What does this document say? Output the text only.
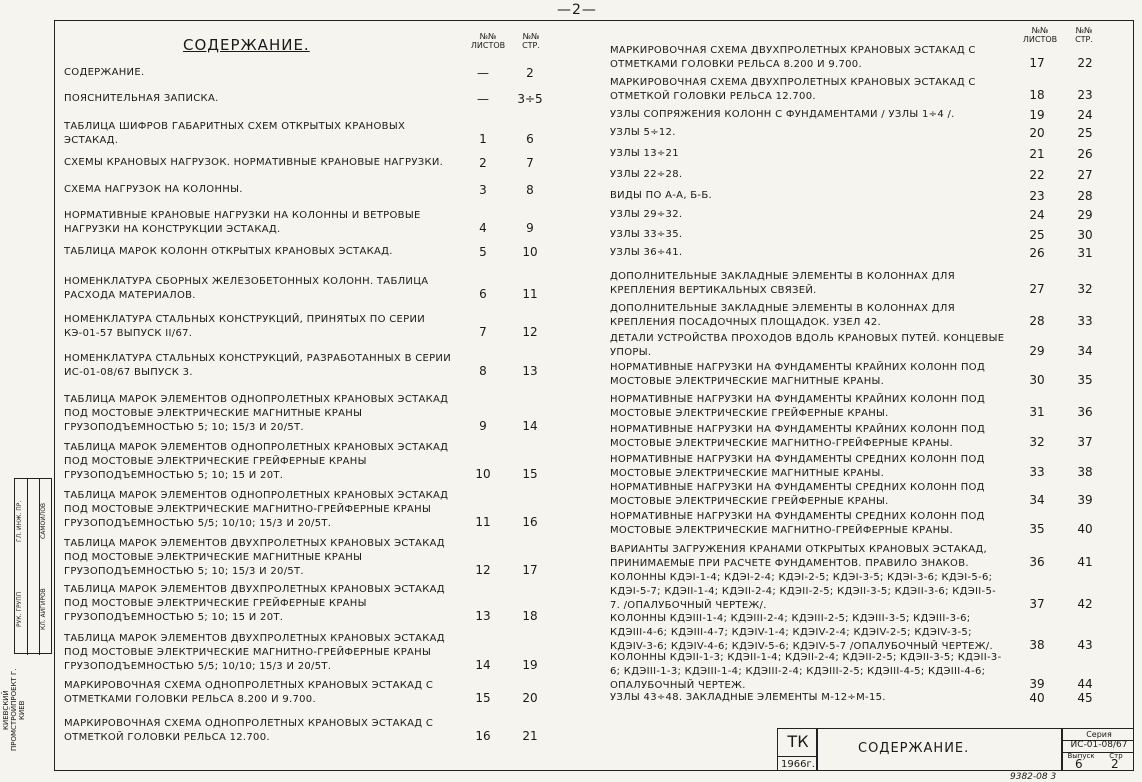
—2—
СОДЕРЖАНИЕ.	№№ ЛИСТОВ
№№ СТР.
№№ ЛИСТОВ
№№ СТР.
СОДЕРЖАНИЕ.	—	2
ПОЯСНИТЕЛЬНАЯ ЗАПИСКА.	—	3÷5
ТАБЛИЦА ШИФРОВ ГАБАРИТНЫХ СХЕМ ОТКРЫТЫХ КРАНОВЫХ ЭСТАКАД.	1	6
СХЕМЫ КРАНОВЫХ НАГРУЗОК. НОРМАТИВНЫЕ КРАНОВЫЕ НАГРУЗКИ.	2	7
СХЕМА НАГРУЗОК НА КОЛОННЫ.	3	8
НОРМАТИВНЫЕ КРАНОВЫЕ НАГРУЗКИ НА КОЛОННЫ И ВЕТРОВЫЕ НАГРУЗКИ НА КОНСТРУКЦИИ ЭСТАКАД.	4	9
ТАБЛИЦА МАРОК КОЛОНН ОТКРЫТЫХ КРАНОВЫХ ЭСТАКАД.	5	10
НОМЕНКЛАТУРА СБОРНЫХ ЖЕЛЕЗОБЕТОННЫХ КОЛОНН. ТАБЛИЦА РАСХОДА МАТЕРИАЛОВ.	6	11
НОМЕНКЛАТУРА СТАЛЬНЫХ КОНСТРУКЦИЙ, ПРИНЯТЫХ ПО СЕРИИ КЭ-01-57 ВЫПУСК II/67.	7	12
НОМЕНКЛАТУРА СТАЛЬНЫХ КОНСТРУКЦИЙ, РАЗРАБОТАННЫХ В СЕРИИ ИС-01-08/67 ВЫПУСК 3.	8	13
ТАБЛИЦА МАРОК ЭЛЕМЕНТОВ ОДНОПРОЛЕТНЫХ КРАНОВЫХ ЭСТАКАД ПОД МОСТОВЫЕ ЭЛЕКТРИЧЕСКИЕ МАГНИТНЫЕ КРАНЫ ГРУЗОПОДЪЕМНОСТЬЮ 5; 10; 15/3 И 20/5Т.	9	14
ТАБЛИЦА МАРОК ЭЛЕМЕНТОВ ОДНОПРОЛЕТНЫХ КРАНОВЫХ ЭСТАКАД ПОД МОСТОВЫЕ ЭЛЕКТРИЧЕСКИЕ ГРЕЙФЕРНЫЕ КРАНЫ ГРУЗОПОДЪЕМНОСТЬЮ 5; 10; 15 И 20Т.	10	15
ТАБЛИЦА МАРОК ЭЛЕМЕНТОВ ОДНОПРОЛЕТНЫХ КРАНОВЫХ ЭСТАКАД ПОД МОСТОВЫЕ ЭЛЕКТРИЧЕСКИЕ МАГНИТНО-ГРЕЙФЕРНЫЕ КРАНЫ ГРУЗОПОДЪЕМНОСТЬЮ 5/5; 10/10; 15/3 И 20/5Т.	11	16
ТАБЛИЦА МАРОК ЭЛЕМЕНТОВ ДВУХПРОЛЕТНЫХ КРАНОВЫХ ЭСТАКАД ПОД МОСТОВЫЕ ЭЛЕКТРИЧЕСКИЕ МАГНИТНЫЕ КРАНЫ ГРУЗОПОДЪЕМНОСТЬЮ 5; 10; 15/3 И 20/5Т.	12	17
ТАБЛИЦА МАРОК ЭЛЕМЕНТОВ ДВУХПРОЛЕТНЫХ КРАНОВЫХ ЭСТАКАД ПОД МОСТОВЫЕ ЭЛЕКТРИЧЕСКИЕ ГРЕЙФЕРНЫЕ КРАНЫ ГРУЗОПОДЪЕМНОСТЬЮ 5; 10; 15 И 20Т.	13	18
ТАБЛИЦА МАРОК ЭЛЕМЕНТОВ ДВУХПРОЛЕТНЫХ КРАНОВЫХ ЭСТАКАД ПОД МОСТОВЫЕ ЭЛЕКТРИЧЕСКИЕ МАГНИТНО-ГРЕЙФЕРНЫЕ КРАНЫ ГРУЗОПОДЪЕМНОСТЬЮ 5/5; 10/10; 15/3 И 20/5Т.	14	19
МАРКИРОВОЧНАЯ СХЕМА ОДНОПРОЛЕТНЫХ КРАНОВЫХ ЭСТАКАД С ОТМЕТКАМИ ГОЛОВКИ РЕЛЬСА 8.200 И 9.700.	15	20
МАРКИРОВОЧНАЯ СХЕМА ОДНОПРОЛЕТНЫХ КРАНОВЫХ ЭСТАКАД С ОТМЕТКОЙ ГОЛОВКИ РЕЛЬСА 12.700.	16	21
МАРКИРОВОЧНАЯ СХЕМА ДВУХПРОЛЕТНЫХ КРАНОВЫХ ЭСТАКАД С ОТМЕТКАМИ ГОЛОВКИ РЕЛЬСА 8.200 И 9.700.	17	22
МАРКИРОВОЧНАЯ СХЕМА ДВУХПРОЛЕТНЫХ КРАНОВЫХ ЭСТАКАД С ОТМЕТКОЙ ГОЛОВКИ РЕЛЬСА 12.700.	18	23
УЗЛЫ СОПРЯЖЕНИЯ КОЛОНН С ФУНДАМЕНТАМИ / УЗЛЫ 1÷4 /.	19	24
УЗЛЫ 5÷12.	20	25
УЗЛЫ 13÷21	21	26
УЗЛЫ 22÷28.	22	27
ВИДЫ ПО А-А, Б-Б.	23	28
УЗЛЫ 29÷32.	24	29
УЗЛЫ 33÷35.	25	30
УЗЛЫ 36÷41.	26	31
ДОПОЛНИТЕЛЬНЫЕ ЗАКЛАДНЫЕ ЭЛЕМЕНТЫ В КОЛОННАХ ДЛЯ КРЕПЛЕНИЯ ВЕРТИКАЛЬНЫХ СВЯЗЕЙ.	27	32
ДОПОЛНИТЕЛЬНЫЕ ЗАКЛАДНЫЕ ЭЛЕМЕНТЫ В КОЛОННАХ ДЛЯ КРЕПЛЕНИЯ ПОСАДОЧНЫХ ПЛОЩАДОК. УЗЕЛ 42.	28	33
ДЕТАЛИ УСТРОЙСТВА ПРОХОДОВ ВДОЛЬ КРАНОВЫХ ПУТЕЙ. КОНЦЕВЫЕ УПОРЫ.	29	34
НОРМАТИВНЫЕ НАГРУЗКИ НА ФУНДАМЕНТЫ КРАЙНИХ КОЛОНН ПОД МОСТОВЫЕ ЭЛЕКТРИЧЕСКИЕ МАГНИТНЫЕ КРАНЫ.	30	35
НОРМАТИВНЫЕ НАГРУЗКИ НА ФУНДАМЕНТЫ КРАЙНИХ КОЛОНН ПОД МОСТОВЫЕ ЭЛЕКТРИЧЕСКИЕ ГРЕЙФЕРНЫЕ КРАНЫ.	31	36
НОРМАТИВНЫЕ НАГРУЗКИ НА ФУНДАМЕНТЫ КРАЙНИХ КОЛОНН ПОД МОСТОВЫЕ ЭЛЕКТРИЧЕСКИЕ МАГНИТНО-ГРЕЙФЕРНЫЕ КРАНЫ.	32	37
НОРМАТИВНЫЕ НАГРУЗКИ НА ФУНДАМЕНТЫ СРЕДНИХ КОЛОНН ПОД МОСТОВЫЕ ЭЛЕКТРИЧЕСКИЕ МАГНИТНЫЕ КРАНЫ.	33	38
НОРМАТИВНЫЕ НАГРУЗКИ НА ФУНДАМЕНТЫ СРЕДНИХ КОЛОНН ПОД МОСТОВЫЕ ЭЛЕКТРИЧЕСКИЕ ГРЕЙФЕРНЫЕ КРАНЫ.	34	39
НОРМАТИВНЫЕ НАГРУЗКИ НА ФУНДАМЕНТЫ СРЕДНИХ КОЛОНН ПОД МОСТОВЫЕ ЭЛЕКТРИЧЕСКИЕ МАГНИТНО-ГРЕЙФЕРНЫЕ КРАНЫ.	35	40
ВАРИАНТЫ ЗАГРУЖЕНИЯ КРАНАМИ ОТКРЫТЫХ КРАНОВЫХ ЭСТАКАД, ПРИНИМАЕМЫЕ ПРИ РАСЧЕТЕ ФУНДАМЕНТОВ. ПРАВИЛО ЗНАКОВ.	36	41
КОЛОННЫ КДЭI-1-4; КДЭI-2-4; КДЭI-2-5; КДЭI-3-5; КДЭI-3-6; КДЭI-5-6; КДЭI-5-7; КДЭII-1-4; КДЭII-2-4; КДЭII-2-5; КДЭII-3-5; КДЭII-3-6; КДЭII-5-7. /ОПАЛУБОЧНЫЙ ЧЕРТЕЖ/.	37	42
КОЛОННЫ КДЭIII-1-4; КДЭIII-2-4; КДЭIII-2-5; КДЭIII-3-5; КДЭIII-3-6; КДЭIII-4-6; КДЭIII-4-7; КДЭIV-1-4; КДЭIV-2-4; КДЭIV-2-5; КДЭIV-3-5; КДЭIV-3-6; КДЭIV-4-6; КДЭIV-5-6; КДЭIV-5-7 /ОПАЛУБОЧНЫЙ ЧЕРТЕЖ/.	38	43
КОЛОННЫ КДЭII-1-3; КДЭII-1-4; КДЭII-2-4; КДЭII-2-5; КДЭII-3-5; КДЭII-3-6; КДЭIII-1-3; КДЭIII-1-4; КДЭIII-2-4; КДЭIII-2-5; КДЭIII-4-5; КДЭIII-4-6; ОПАЛУБОЧНЫЙ ЧЕРТЕЖ.	39	44
УЗЛЫ 43÷48. ЗАКЛАДНЫЕ ЭЛЕМЕНТЫ М-12÷М-15.	40	45
ТК
1966г.
СОДЕРЖАНИЕ.
Серия
ИС-01-08/67
Выпуск	Стр
6 2
КИЕВСКИЙ ПРОМСТРОЙПРОЕКТ Г. КИЕВ
ГЛ. ИНЖ. ПР.
РУК. ГРУПП
САМОЙЛОВ
КЛ. АЙГИРОВ
9382-08 3
